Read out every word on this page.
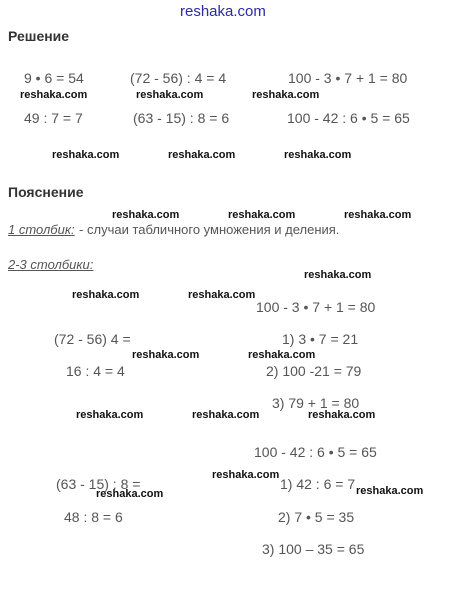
reshaka.com
Решение
9 • 6 = 54	(72 - 56) : 4 = 4	100 - 3 • 7 + 1 = 80
reshaka.com	reshaka.com	reshaka.com
49 : 7 = 7	(63 - 15) : 8 = 6	100 - 42 : 6 • 5 = 65
reshaka.com	reshaka.com	reshaka.com
Пояснение
reshaka.com	reshaka.com	reshaka.com
1 столбик: - случаи табличного умножения и деления.
2-3 столбики:
reshaka.com
reshaka.com	reshaka.com
100 - 3 • 7 + 1 = 80
(72 - 56) 4 =	1) 3 • 7 = 21
reshaka.com	reshaka.com
16 : 4 = 4	2) 100 -21 = 79
3) 79 + 1 = 80
reshaka.com	reshaka.com	reshaka.com
100 - 42 : 6 • 5 = 65
reshaka.com
(63 - 15) : 8 =	1) 42 : 6 = 7
reshaka.com	reshaka.com
48 : 8 = 6	2) 7 • 5 = 35
3) 100 – 35 = 65
